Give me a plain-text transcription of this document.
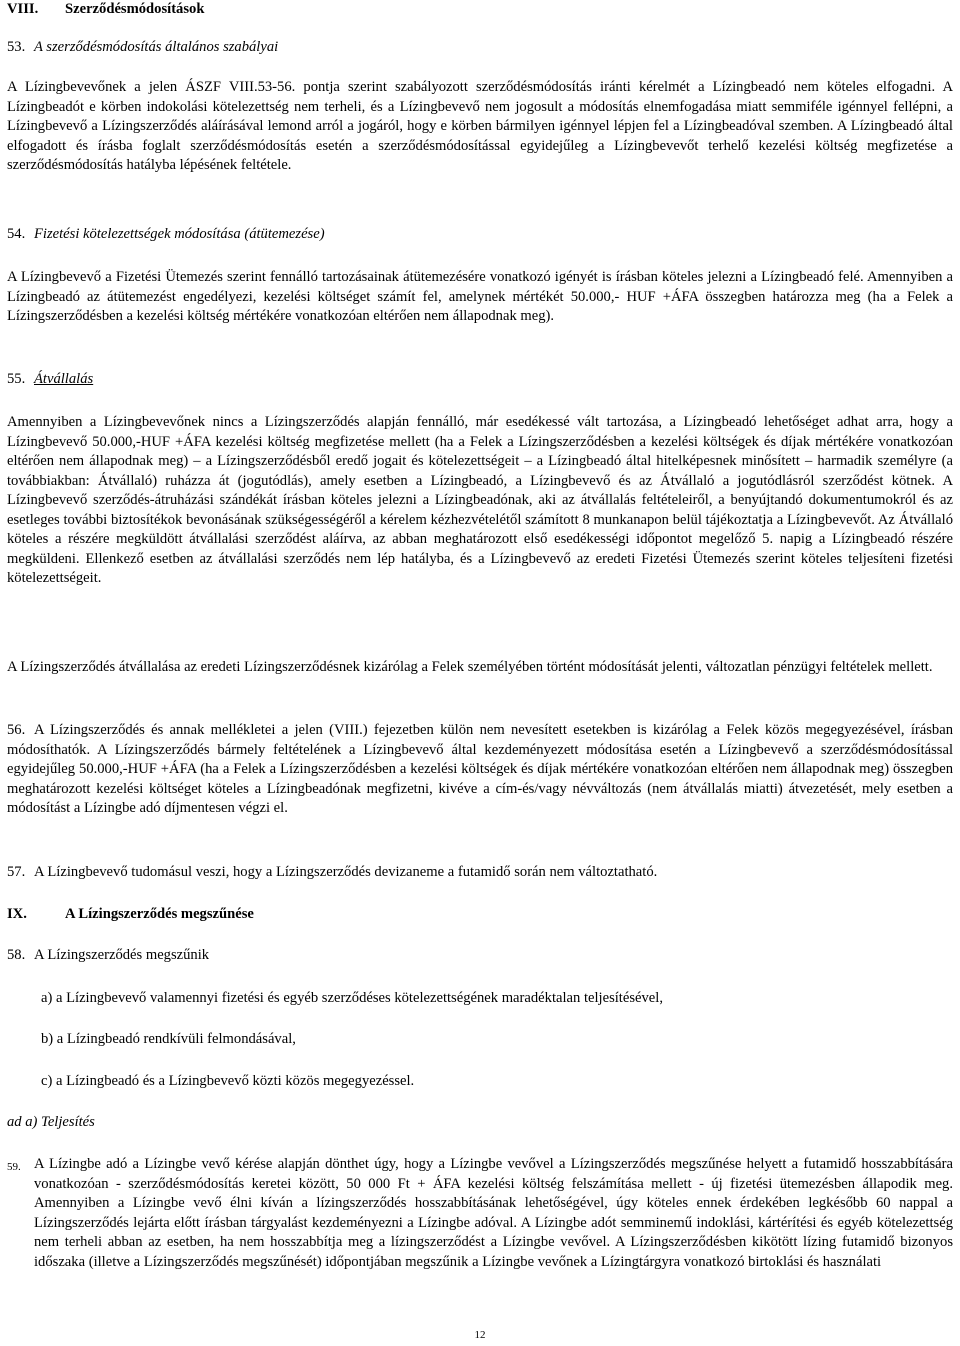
VIII. Szerződésmódosítások
53. A szerződésmódosítás általános szabályai

A Lízingbevevőnek a jelen ÁSZF VIII.53-56. pontja szerint szabályozott szerződésmódosítás iránti kérelmét a Lízingbeadó nem köteles elfogadni. A Lízingbeadót e körben indokolási kötelezettség nem terheli, és a Lízingbevevő nem jogosult a módosítás elnemfogadása miatt semmiféle igénnyel fellépni, a Lízingbevevő a Lízingszerződés aláírásával lemond arról a jogáról, hogy e körben bármilyen igénnyel lépjen fel a Lízingbeadóval szemben. A Lízingbeadó által elfogadott és írásba foglalt szerződésmódosítás esetén a szerződésmódosítással egyidejűleg a Lízingbevevőt terhelő kezelési költség megfizetése a szerződésmódosítás hatályba lépésének feltétele.

54. Fizetési kötelezettségek módosítása (átütemezése)

A Lízingbevevő a Fizetési Ütemezés szerint fennálló tartozásainak átütemezésére vonatkozó igényét is írásban köteles jelezni a Lízingbeadó felé. Amennyiben a Lízingbeadó az átütemezést engedélyezi, kezelési költséget számít fel, amelynek mértékét 50.000,- HUF +ÁFA összegben határozza meg (ha a Felek a Lízingszerződésben a kezelési költség mértékére vonatkozóan eltérően nem állapodnak meg).

55. Átvállalás

Amennyiben a Lízingbevevőnek nincs a Lízingszerződés alapján fennálló, már esedékessé vált tartozása, a Lízingbeadó lehetőséget adhat arra, hogy a Lízingbevevő 50.000,-HUF +ÁFA kezelési költség megfizetése mellett (ha a Felek a Lízingszerződésben a kezelési költségek és díjak mértékére vonatkozóan eltérően nem állapodnak meg) – a Lízingszerződésből eredő jogait és kötelezettségeit – a Lízingbeadó által hitelképesnek minősített – harmadik személyre (a továbbiakban: Átvállaló) ruházza át (jogutódlás), amely esetben a Lízingbeadó, a Lízingbevevő és az Átvállaló a jogutódlásról szerződést kötnek. A Lízingbevevő szerződés-átruházási szándékát írásban köteles jelezni a Lízingbeadónak, aki az átvállalás feltételeiről, a benyújtandó dokumentumokról és az esetleges további biztosítékok bevonásának szükségességéről a kérelem kézhezvételétől számított 8 munkanapon belül tájékoztatja a Lízingbevevőt. Az Átvállaló köteles a részére megküldött átvállalási szerződést aláírva, az abban meghatározott első esedékességi időpontot megelőző 5. napig a Lízingbeadó részére megküldeni. Ellenkező esetben az átvállalási szerződés nem lép hatályba, és a Lízingbevevő az eredeti Fizetési Ütemezés szerint köteles teljesíteni fizetési kötelezettségeit.

A Lízingszerződés átvállalása az eredeti Lízingszerződésnek kizárólag a Felek személyében történt módosítását jelenti, változatlan pénzügyi feltételek mellett.

56. A Lízingszerződés és annak mellékletei a jelen (VIII.) fejezetben külön nem nevesített esetekben is kizárólag a Felek közös megegyezésével, írásban módosíthatók. A Lízingszerződés bármely feltételének a Lízingbevevő által kezdeményezett módosítása esetén a Lízingbevevő a szerződésmódosítással egyidejűleg 50.000,-HUF +ÁFA (ha a Felek a Lízingszerződésben a kezelési költségek és díjak mértékére vonatkozóan eltérően nem állapodnak meg) összegben meghatározott kezelési költséget köteles a Lízingbeadónak megfizetni, kivéve a cím-és/vagy névváltozás (nem átvállalás miatti) átvezetését, mely esetben a módosítást a Lízingbe adó díjmentesen végzi el.
57. A Lízingbevevő tudomásul veszi, hogy a Lízingszerződés devizaneme a futamidő során nem változtatható.
IX.	A Lízingszerződés megszűnése
58. A Lízingszerződés megszűnik
a) a Lízingbevevő valamennyi fizetési és egyéb szerződéses kötelezettségének maradéktalan teljesítésével,
b) a Lízingbeadó rendkívüli felmondásával,
c) a Lízingbeadó és a Lízingbevevő közti közös megegyezéssel.
ad a) Teljesítés
59. A Lízingbe adó a Lízingbe vevő kérése alapján dönthet úgy, hogy a Lízingbe vevővel a Lízingszerződés megszűnése helyett a futamidő hosszabbítására vonatkozóan - szerződésmódosítás keretei között, 50 000 Ft + ÁFA kezelési költség felszámítása mellett - új fizetési ütemezésben állapodik meg. Amennyiben a Lízingbe vevő élni kíván a lízingszerződés hosszabbításának lehetőségével, úgy köteles ennek érdekében legkésőbb 60 nappal a Lízingszerződés lejárta előtt írásban tárgyalást kezdeményezni a Lízingbe adóval. A Lízingbe adót semminemű indoklási, kártérítési és egyéb kötelezettség nem terheli abban az esetben, ha nem hosszabbítja meg a lízingszerződést a Lízingbe vevővel. A Lízingszerződésben kikötött lízing futamidő bizonyos időszaka (illetve a Lízingszerződés megszűnését) időpontjában megszűnik a Lízingbe vevőnek a Lízingtárgyra vonatkozó birtoklási és használati

12
